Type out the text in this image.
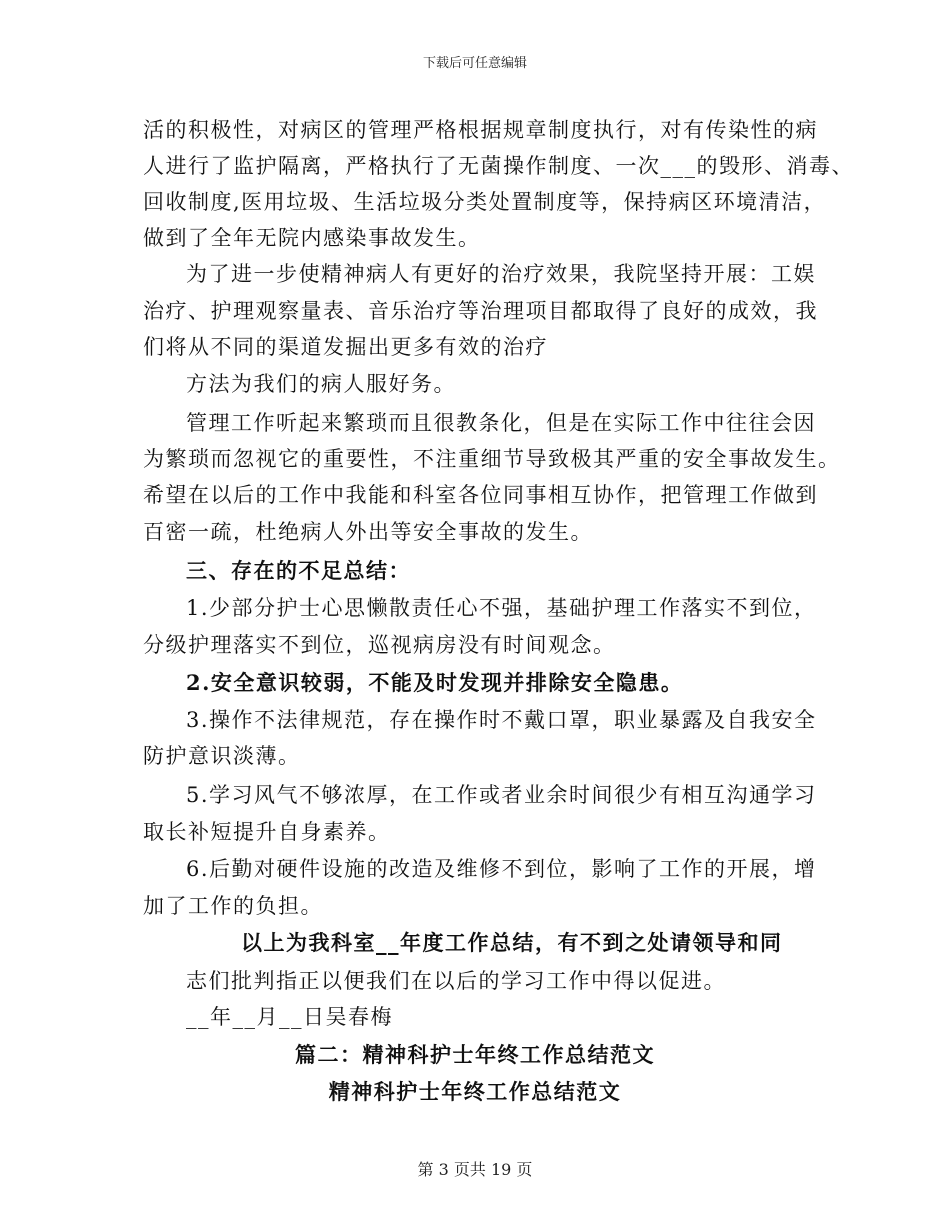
下载后可任意编辑
活的积极性，对病区的管理严格根据规章制度执行，对有传染性的病
人进行了监护隔离，严格执行了无菌操作制度、一次___的毁形、消毒、
回收制度,医用垃圾、生活垃圾分类处置制度等，保持病区环境清洁，
做到了全年无院内感染事故发生。
为了进一步使精神病人有更好的治疗效果，我院坚持开展：工娱
治疗、护理观察量表、音乐治疗等治理项目都取得了良好的成效，我
们将从不同的渠道发掘出更多有效的治疗
方法为我们的病人服好务。
管理工作听起来繁琐而且很教条化，但是在实际工作中往往会因
为繁琐而忽视它的重要性，不注重细节导致极其严重的安全事故发生。
希望在以后的工作中我能和科室各位同事相互协作，把管理工作做到
百密一疏，杜绝病人外出等安全事故的发生。
三、存在的不足总结：
1.少部分护士心思懒散责任心不强，基础护理工作落实不到位，
分级护理落实不到位，巡视病房没有时间观念。
2.安全意识较弱，不能及时发现并排除安全隐患。
3.操作不法律规范，存在操作时不戴口罩，职业暴露及自我安全
防护意识淡薄。
5.学习风气不够浓厚，在工作或者业余时间很少有相互沟通学习
取长补短提升自身素养。
6.后勤对硬件设施的改造及维修不到位，影响了工作的开展，增
加了工作的负担。
以上为我科室__年度工作总结，有不到之处请领导和同
志们批判指正以便我们在以后的学习工作中得以促进。
__年__月__日吴春梅
篇二：精神科护士年终工作总结范文
精神科护士年终工作总结范文
第 3 页共 19 页
